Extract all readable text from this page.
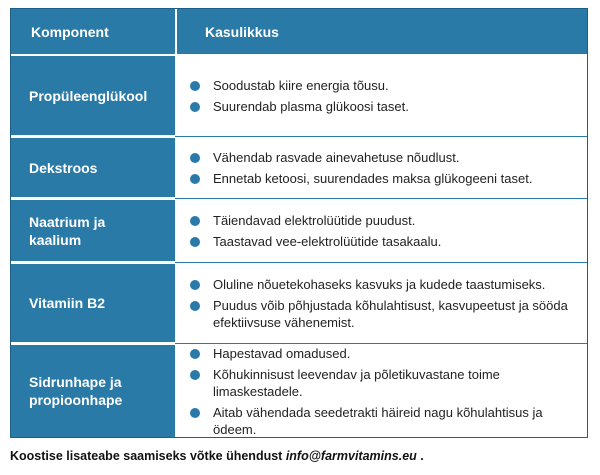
Komponent	Kasulikkus
Propüleenglükool
Soodustab kiire energia tõusu.
Suurendab plasma glükoosi taset.
Dekstroos
Vähendab rasvade ainevahetuse nõudlust.
Ennetab ketoosi, suurendades maksa glükogeeni taset.
Naatrium ja
kaalium
Täiendavad elektrolüütide puudust.
Taastavad vee-elektrolüütide tasakaalu.
Vitamiin B2
Oluline nõuetekohaseks kasvuks ja kudede taastumiseks.
Puudus võib põhjustada kõhulahtisust, kasvupeetust ja sööda efektiivsuse vähenemist.
Sidrunhape ja
propioonhape
Hapestavad omadused.
Kõhukinnisust leevendav ja põletikuvastane toime limaskestadele.
Aitab vähendada seedetrakti häireid nagu kõhulahtisus ja ödeem.
Koostise lisateabe saamiseks võtke ühendust info@farmvitamins.eu .
